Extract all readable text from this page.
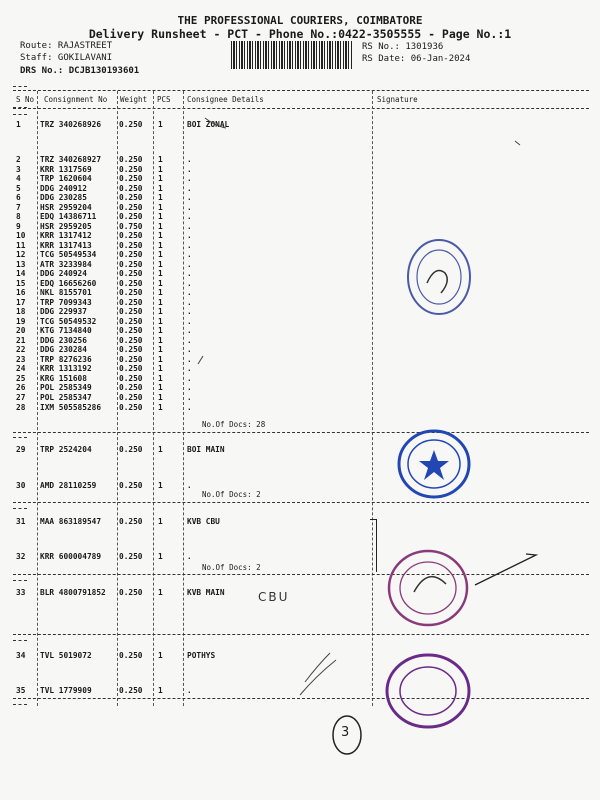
THE PROFESSIONAL COURIERS, COIMBATORE
Delivery Runsheet - PCT - Phone No.:0422-3505555 - Page No.:1
Route: RAJASTREET
Staff: GOKILAVANI
DRS No.: DCJB130193601
RS No.: 1301936
RS Date: 06-Jan-2024
S No Consignment No Weight PCS Consignee Details	Signature
1 TRZ 340268926 0.250 1	BOI ZONAL
2 TRZ 340268927 0.250 1	.
3 KRR 1317569	0.250 1	.
4 TRP 1620604	0.250 1	.
5 DDG 240912	0.250 1	.
6 DDG 230285	0.250 1	.
7 HSR 2959204	0.250 1	.
8 EDQ 14386711	0.250 1	.
9 HSR 2959205	0.750 1	.
10 KRR 1317412	0.250 1	.
11 KRR 1317413	0.250 1	.
12 TCG 50549534	0.250 1	.
13 ATR 3233984	0.250 1	.
14 DDG 240924	0.250 1	.
15 EDQ 16656260	0.250 1	.
16 NKL 8155701	0.250 1	.
17 TRP 7099343	0.250 1	.
18 DDG 229937	0.250 1	.
19 TCG 50549532	0.250 1	.
20 KTG 7134840	0.250 1	.
21 DDG 230256	0.250 1	.
22 DDG 230284	0.250 1	.
23 TRP 8276236	0.250 1	.
24 KRR 1313192	0.250 1	.
25 KRG 151608	0.250 1	.
26 POL 2585349	0.250 1	.
27 POL 2585347	0.250 1	.
28 IXM 505585286 0.250 1	.
No.Of Docs: 28
29 TRP 2524204	0.250 1	BOI MAIN
30 AMD 28110259	0.250 1	.
No.Of Docs: 2
31 MAA 863189547 0.250 1	KVB CBU
32 KRR 600004789 0.250 1	.
No.Of Docs: 2
33 BLR 4800791852 0.250 1	KVB MAIN
34 TVL 5019072	0.250 1	POTHYS
35 TVL 1779909	0.250 1	.
CBU
3
